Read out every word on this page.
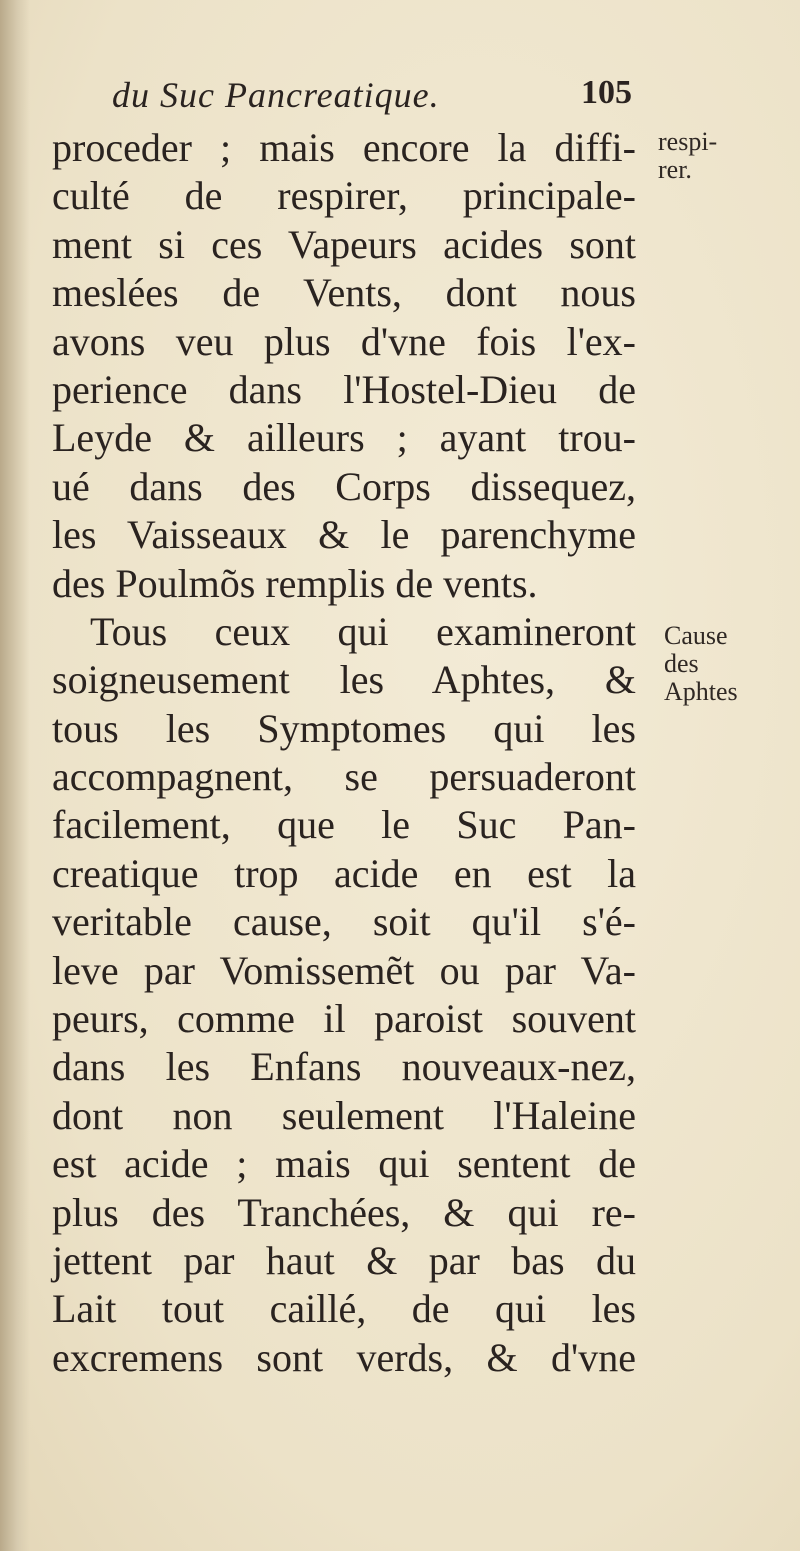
du Suc Pancreatique.	105
proceder ; mais encore la diffi-
culté de respirer, principale-
ment si ces Vapeurs acides sont
meslées de Vents, dont nous
avons veu plus d'vne fois l'ex-
perience dans l'Hostel-Dieu de
Leyde & ailleurs ; ayant trou-
ué dans des Corps dissequez,
les Vaisseaux & le parenchyme
des Poulmõs remplis de vents.
Tous ceux qui examineront
soigneusement les Aphtes, &
tous les Symptomes qui les
accompagnent, se persuaderont
facilement, que le Suc Pan-
creatique trop acide en est la
veritable cause, soit qu'il s'é-
leve par Vomissemẽt ou par Va-
peurs, comme il paroist souvent
dans les Enfans nouveaux-nez,
dont non seulement l'Haleine
est acide ; mais qui sentent de
plus des Tranchées, & qui re-
jettent par haut & par bas du
Lait tout caillé, de qui les
excremens sont verds, & d'vne
respi-
rer.
Cause
des
Aphtes
